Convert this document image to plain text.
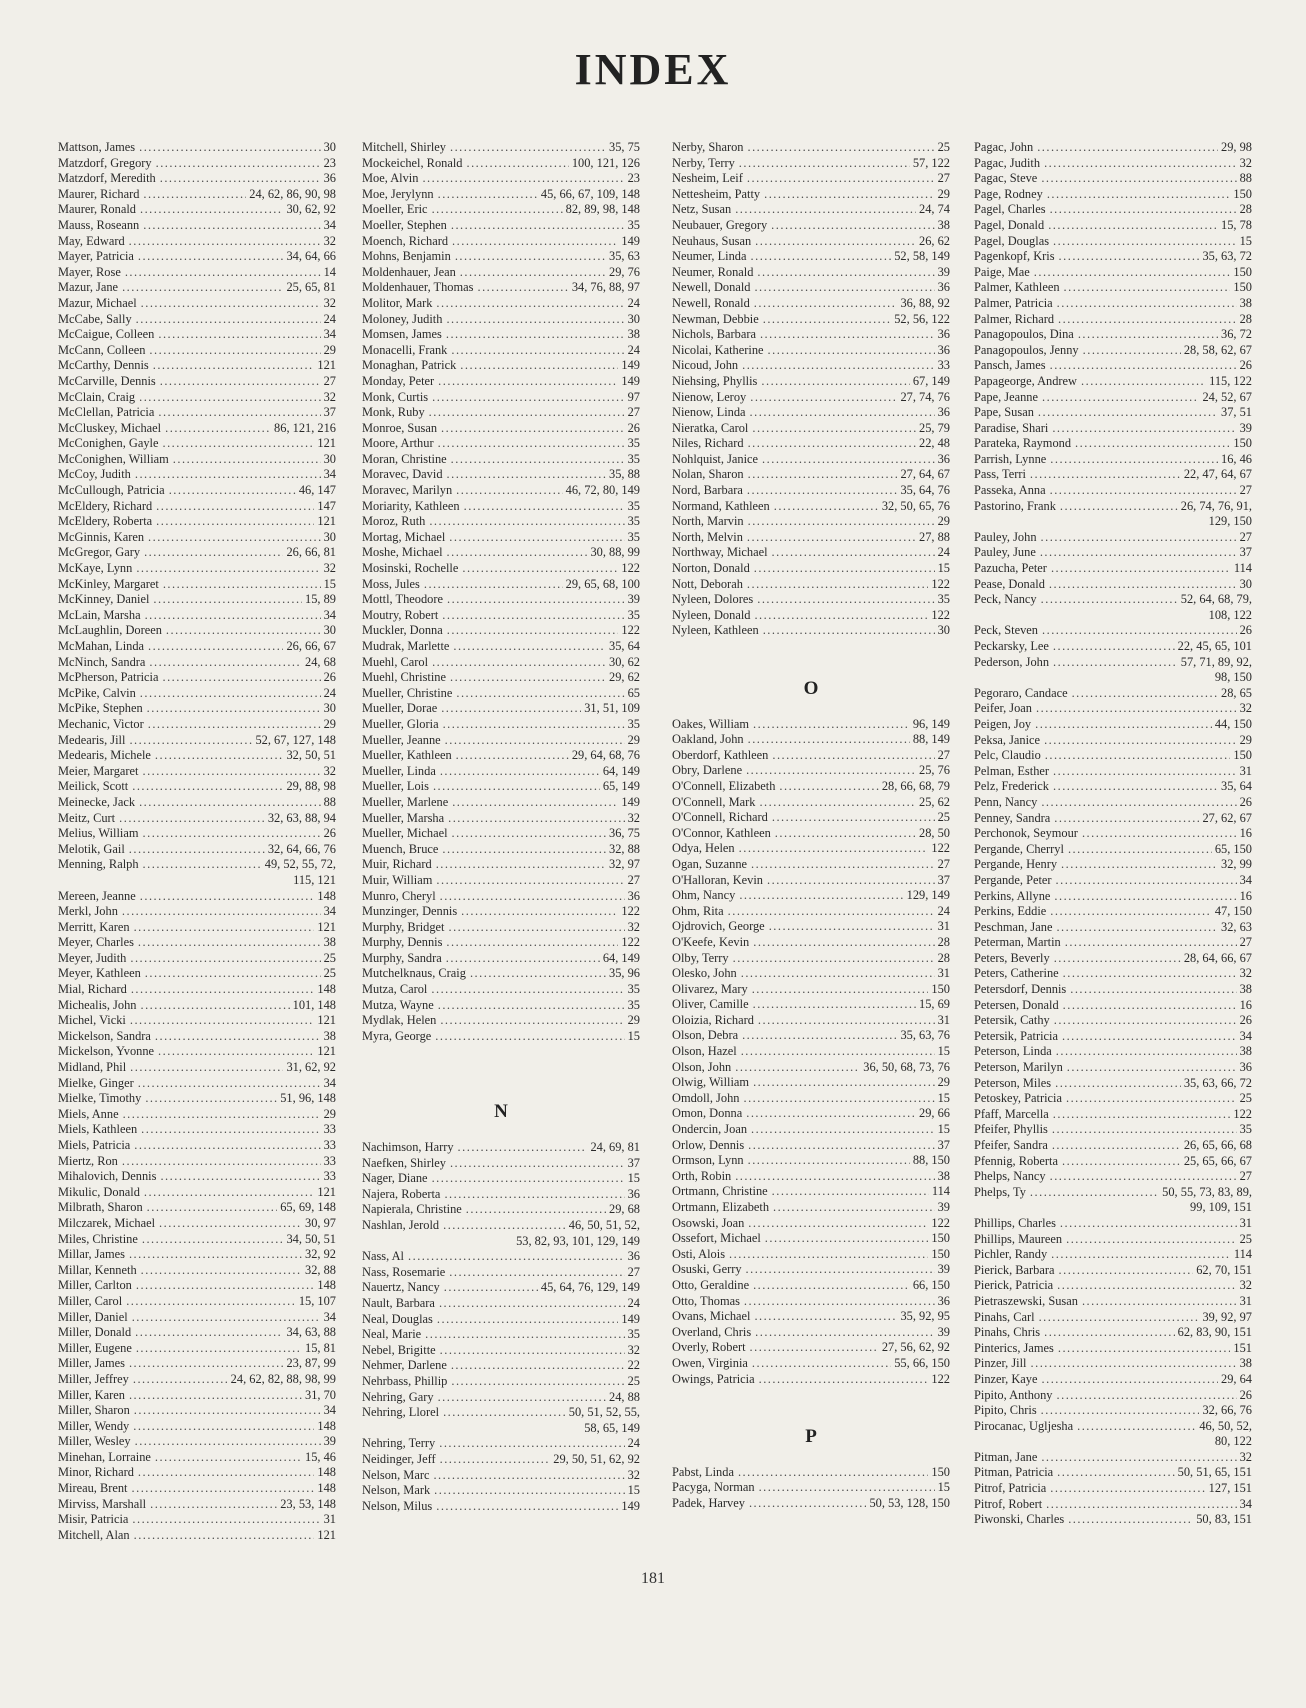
INDEX
Mattson, James .....	30
Matzdorf, Gregory .....	23
Matzdorf, Meredith .....	36
Maurer, Richard .....	24, 62, 86, 90, 98
Maurer, Ronald .....	30, 62, 92
Mauss, Roseann .....	34
May, Edward .....	32
Mayer, Patricia .....	34, 64, 66
Mayer, Rose .....	14
Mazur, Jane .....	25, 65, 81
Mazur, Michael .....	32
McCabe, Sally .....	24
McCaigue, Colleen .....	34
McCann, Colleen .....	29
McCarthy, Dennis .....	121
McCarville, Dennis .....	27
McClain, Craig .....	32
McClellan, Patricia .....	37
McCluskey, Michael .....	86, 121, 216
McConighen, Gayle .....	121
McConighen, William .....	30
McCoy, Judith .....	34
McCullough, Patricia .....	46, 147
McEldery, Richard .....	147
McEldery, Roberta .....	121
McGinnis, Karen .....	30
McGregor, Gary .....	26, 66, 81
McKaye, Lynn .....	32
McKinley, Margaret .....	15
McKinney, Daniel .....	15, 89
McLain, Marsha .....	34
McLaughlin, Doreen .....	30
McMahan, Linda .....	26, 66, 67
McNinch, Sandra .....	24, 68
McPherson, Patricia .....	26
McPike, Calvin .....	24
McPike, Stephen .....	30
Mechanic, Victor .....	29
Medearis, Jill .....	52, 67, 127, 148
Medearis, Michele .....	32, 50, 51
Meier, Margaret .....	32
Meilick, Scott .....	29, 88, 98
Meinecke, Jack .....	88
Meitz, Curt .....	32, 63, 88, 94
Melius, William .....	26
Melotik, Gail .....	32, 64, 66, 76
Menning, Ralph .....	49, 52, 55, 72,
115, 121
Mereen, Jeanne .....	148
Merkl, John .....	34
Merritt, Karen .....	121
Meyer, Charles .....	38
Meyer, Judith .....	25
Meyer, Kathleen .....	25
Mial, Richard .....	148
Michealis, John .....	101, 148
Michel, Vicki .....	121
Mickelson, Sandra .....	38
Mickelson, Yvonne .....	121
Midland, Phil .....	31, 62, 92
Mielke, Ginger .....	34
Mielke, Timothy .....	51, 96, 148
Miels, Anne .....	29
Miels, Kathleen .....	33
Miels, Patricia .....	33
Miertz, Ron .....	33
Mihalovich, Dennis .....	33
Mikulic, Donald .....	121
Milbrath, Sharon .....	65, 69, 148
Milczarek, Michael .....	30, 97
Miles, Christine .....	34, 50, 51
Millar, James .....	32, 92
Millar, Kenneth .....	32, 88
Miller, Carlton .....	148
Miller, Carol .....	15, 107
Miller, Daniel .....	34
Miller, Donald .....	34, 63, 88
Miller, Eugene .....	15, 81
Miller, James .....	23, 87, 99
Miller, Jeffrey .....	24, 62, 82, 88, 98, 99
Miller, Karen .....	31, 70
Miller, Sharon .....	34
Miller, Wendy .....	148
Miller, Wesley .....	39
Minehan, Lorraine .....	15, 46
Minor, Richard .....	148
Mireau, Brent .....	148
Mirviss, Marshall .....	23, 53, 148
Misir, Patricia .....	31
Mitchell, Alan .....	121
Mitchell, Shirley .....	35, 75
Mockeichel, Ronald .....	100, 121, 126
Moe, Alvin .....	23
Moe, Jerylynn .....	45, 66, 67, 109, 148
Moeller, Eric .....	82, 89, 98, 148
Moeller, Stephen .....	35
Moench, Richard .....	149
Mohns, Benjamin .....	35, 63
Moldenhauer, Jean .....	29, 76
Moldenhauer, Thomas .....	34, 76, 88, 97
Molitor, Mark .....	24
Moloney, Judith .....	30
Momsen, James .....	38
Monacelli, Frank .....	24
Monaghan, Patrick .....	149
Monday, Peter .....	149
Monk, Curtis .....	97
Monk, Ruby .....	27
Monroe, Susan .....	26
Moore, Arthur .....	35
Moran, Christine .....	35
Moravec, David .....	35, 88
Moravec, Marilyn .....	46, 72, 80, 149
Moriarity, Kathleen .....	35
Moroz, Ruth .....	35
Mortag, Michael .....	35
Moshe, Michael .....	30, 88, 99
Mosinski, Rochelle .....	122
Moss, Jules .....	29, 65, 68, 100
Mottl, Theodore .....	39
Moutry, Robert .....	35
Muckler, Donna .....	122
Mudrak, Marlette .....	35, 64
Muehl, Carol .....	30, 62
Muehl, Christine .....	29, 62
Mueller, Christine .....	65
Mueller, Dorae .....	31, 51, 109
Mueller, Gloria .....	35
Mueller, Jeanne .....	29
Mueller, Kathleen .....	29, 64, 68, 76
Mueller, Linda .....	64, 149
Mueller, Lois .....	65, 149
Mueller, Marlene .....	149
Mueller, Marsha .....	32
Mueller, Michael .....	36, 75
Muench, Bruce .....	32, 88
Muir, Richard .....	32, 97
Muir, William .....	27
Munro, Cheryl .....	36
Munzinger, Dennis .....	122
Murphy, Bridget .....	32
Murphy, Dennis .....	122
Murphy, Sandra .....	64, 149
Mutchelknaus, Craig .....	35, 96
Mutza, Carol .....	35
Mutza, Wayne .....	35
Mydlak, Helen .....	29
Myra, George .....	15
N
Nachimson, Harry .....	24, 69, 81
Naefken, Shirley .....	37
Nager, Diane .....	15
Najera, Roberta .....	36
Napierala, Christine .....	29, 68
Nashlan, Jerold .....	46, 50, 51, 52,
53, 82, 93, 101, 129, 149
Nass, Al .....	36
Nass, Rosemarie .....	27
Nauertz, Nancy .....	45, 64, 76, 129, 149
Nault, Barbara .....	24
Neal, Douglas .....	149
Neal, Marie .....	35
Nebel, Brigitte .....	32
Nehmer, Darlene .....	22
Nehrbass, Phillip .....	25
Nehring, Gary .....	24, 88
Nehring, Llorel .....	50, 51, 52, 55,
58, 65, 149
Nehring, Terry .....	24
Neidinger, Jeff .....	29, 50, 51, 62, 92
Nelson, Marc .....	32
Nelson, Mark .....	15
Nelson, Milus .....	149
Nerby, Sharon .....	25
Nerby, Terry .....	57, 122
Nesheim, Leif .....	27
Nettesheim, Patty .....	29
Netz, Susan .....	24, 74
Neubauer, Gregory .....	38
Neuhaus, Susan .....	26, 62
Neumer, Linda .....	52, 58, 149
Neumer, Ronald .....	39
Newell, Donald .....	36
Newell, Ronald .....	36, 88, 92
Newman, Debbie .....	52, 56, 122
Nichols, Barbara .....	36
Nicolai, Katherine .....	36
Nicoud, John .....	33
Niehsing, Phyllis .....	67, 149
Nienow, Leroy .....	27, 74, 76
Nienow, Linda .....	36
Nieratka, Carol .....	25, 79
Niles, Richard .....	22, 48
Nohlquist, Janice .....	36
Nolan, Sharon .....	27, 64, 67
Nord, Barbara .....	35, 64, 76
Normand, Kathleen .....	32, 50, 65, 76
North, Marvin .....	29
North, Melvin .....	27, 88
Northway, Michael .....	24
Norton, Donald .....	15
Nott, Deborah .....	122
Nyleen, Dolores .....	35
Nyleen, Donald .....	122
Nyleen, Kathleen .....	30
O
Oakes, William .....	96, 149
Oakland, John .....	88, 149
Oberdorf, Kathleen .....	27
Obry, Darlene .....	25, 76
O'Connell, Elizabeth .....	28, 66, 68, 79
O'Connell, Mark .....	25, 62
O'Connell, Richard .....	25
O'Connor, Kathleen .....	28, 50
Odya, Helen .....	122
Ogan, Suzanne .....	27
O'Halloran, Kevin .....	37
Ohm, Nancy .....	129, 149
Ohm, Rita .....	24
Ojdrovich, George .....	31
O'Keefe, Kevin .....	28
Olby, Terry .....	28
Olesko, John .....	31
Olivarez, Mary .....	150
Oliver, Camille .....	15, 69
Oloizia, Richard .....	31
Olson, Debra .....	35, 63, 76
Olson, Hazel .....	15
Olson, John .....	36, 50, 68, 73, 76
Olwig, William .....	29
Omdoll, John .....	15
Omon, Donna .....	29, 66
Ondercin, Joan .....	15
Orlow, Dennis .....	37
Ormson, Lynn .....	88, 150
Orth, Robin .....	38
Ortmann, Christine .....	114
Ortmann, Elizabeth .....	39
Osowski, Joan .....	122
Ossefort, Michael .....	150
Osti, Alois .....	150
Osuski, Gerry .....	39
Otto, Geraldine .....	66, 150
Otto, Thomas .....	36
Ovans, Michael .....	35, 92, 95
Overland, Chris .....	39
Overly, Robert .....	27, 56, 62, 92
Owen, Virginia .....	55, 66, 150
Owings, Patricia .....	122
P
Pabst, Linda .....	150
Pacyga, Norman .....	15
Padek, Harvey .....	50, 53, 128, 150
Pagac, John .....	29, 98
Pagac, Judith .....	32
Pagac, Steve .....	88
Page, Rodney .....	150
Pagel, Charles .....	28
Pagel, Donald .....	15, 78
Pagel, Douglas .....	15
Pagenkopf, Kris .....	35, 63, 72
Paige, Mae .....	150
Palmer, Kathleen .....	150
Palmer, Patricia .....	38
Palmer, Richard .....	28
Panagopoulos, Dina .....	36, 72
Panagopoulos, Jenny .....	28, 58, 62, 67
Pansch, James .....	26
Papageorge, Andrew .....	115, 122
Pape, Jeanne .....	24, 52, 67
Pape, Susan .....	37, 51
Paradise, Shari .....	39
Parateka, Raymond .....	150
Parrish, Lynne .....	16, 46
Pass, Terri .....	22, 47, 64, 67
Passeka, Anna .....	27
Pastorino, Frank .....	26, 74, 76, 91,
129, 150
Pauley, John .....	27
Pauley, June .....	37
Pazucha, Peter .....	114
Pease, Donald .....	30
Peck, Nancy .....	52, 64, 68, 79,
108, 122
Peck, Steven .....	26
Peckarsky, Lee .....	22, 45, 65, 101
Pederson, John .....	57, 71, 89, 92,
98, 150
Pegoraro, Candace .....	28, 65
Peifer, Joan .....	32
Peigen, Joy .....	44, 150
Peksa, Janice .....	29
Pelc, Claudio .....	150
Pelman, Esther .....	31
Pelz, Frederick .....	35, 64
Penn, Nancy .....	26
Penney, Sandra .....	27, 62, 67
Perchonok, Seymour .....	16
Pergande, Cherryl .....	65, 150
Pergande, Henry .....	32, 99
Pergande, Peter .....	34
Perkins, Allyne .....	16
Perkins, Eddie .....	47, 150
Peschman, Jane .....	32, 63
Peterman, Martin .....	27
Peters, Beverly .....	28, 64, 66, 67
Peters, Catherine .....	32
Petersdorf, Dennis .....	38
Petersen, Donald .....	16
Petersik, Cathy .....	26
Petersik, Patricia .....	34
Peterson, Linda .....	38
Peterson, Marilyn .....	36
Peterson, Miles .....	35, 63, 66, 72
Petoskey, Patricia .....	25
Pfaff, Marcella .....	122
Pfeifer, Phyllis .....	35
Pfeifer, Sandra .....	26, 65, 66, 68
Pfennig, Roberta .....	25, 65, 66, 67
Phelps, Nancy .....	27
Phelps, Ty .....	50, 55, 73, 83, 89,
99, 109, 151
Phillips, Charles .....	31
Phillips, Maureen .....	25
Pichler, Randy .....	114
Pierick, Barbara .....	62, 70, 151
Pierick, Patricia .....	32
Pietraszewski, Susan .....	31
Pinahs, Carl .....	39, 92, 97
Pinahs, Chris .....	62, 83, 90, 151
Pinterics, James .....	151
Pinzer, Jill .....	38
Pinzer, Kaye .....	29, 64
Pipito, Anthony .....	26
Pipito, Chris .....	32, 66, 76
Pirocanac, Ugljesha .....	46, 50, 52,
80, 122
Pitman, Jane .....	32
Pitman, Patricia .....	50, 51, 65, 151
Pitrof, Patricia .....	127, 151
Pitrof, Robert .....	34
Piwonski, Charles .....	50, 83, 151
181
